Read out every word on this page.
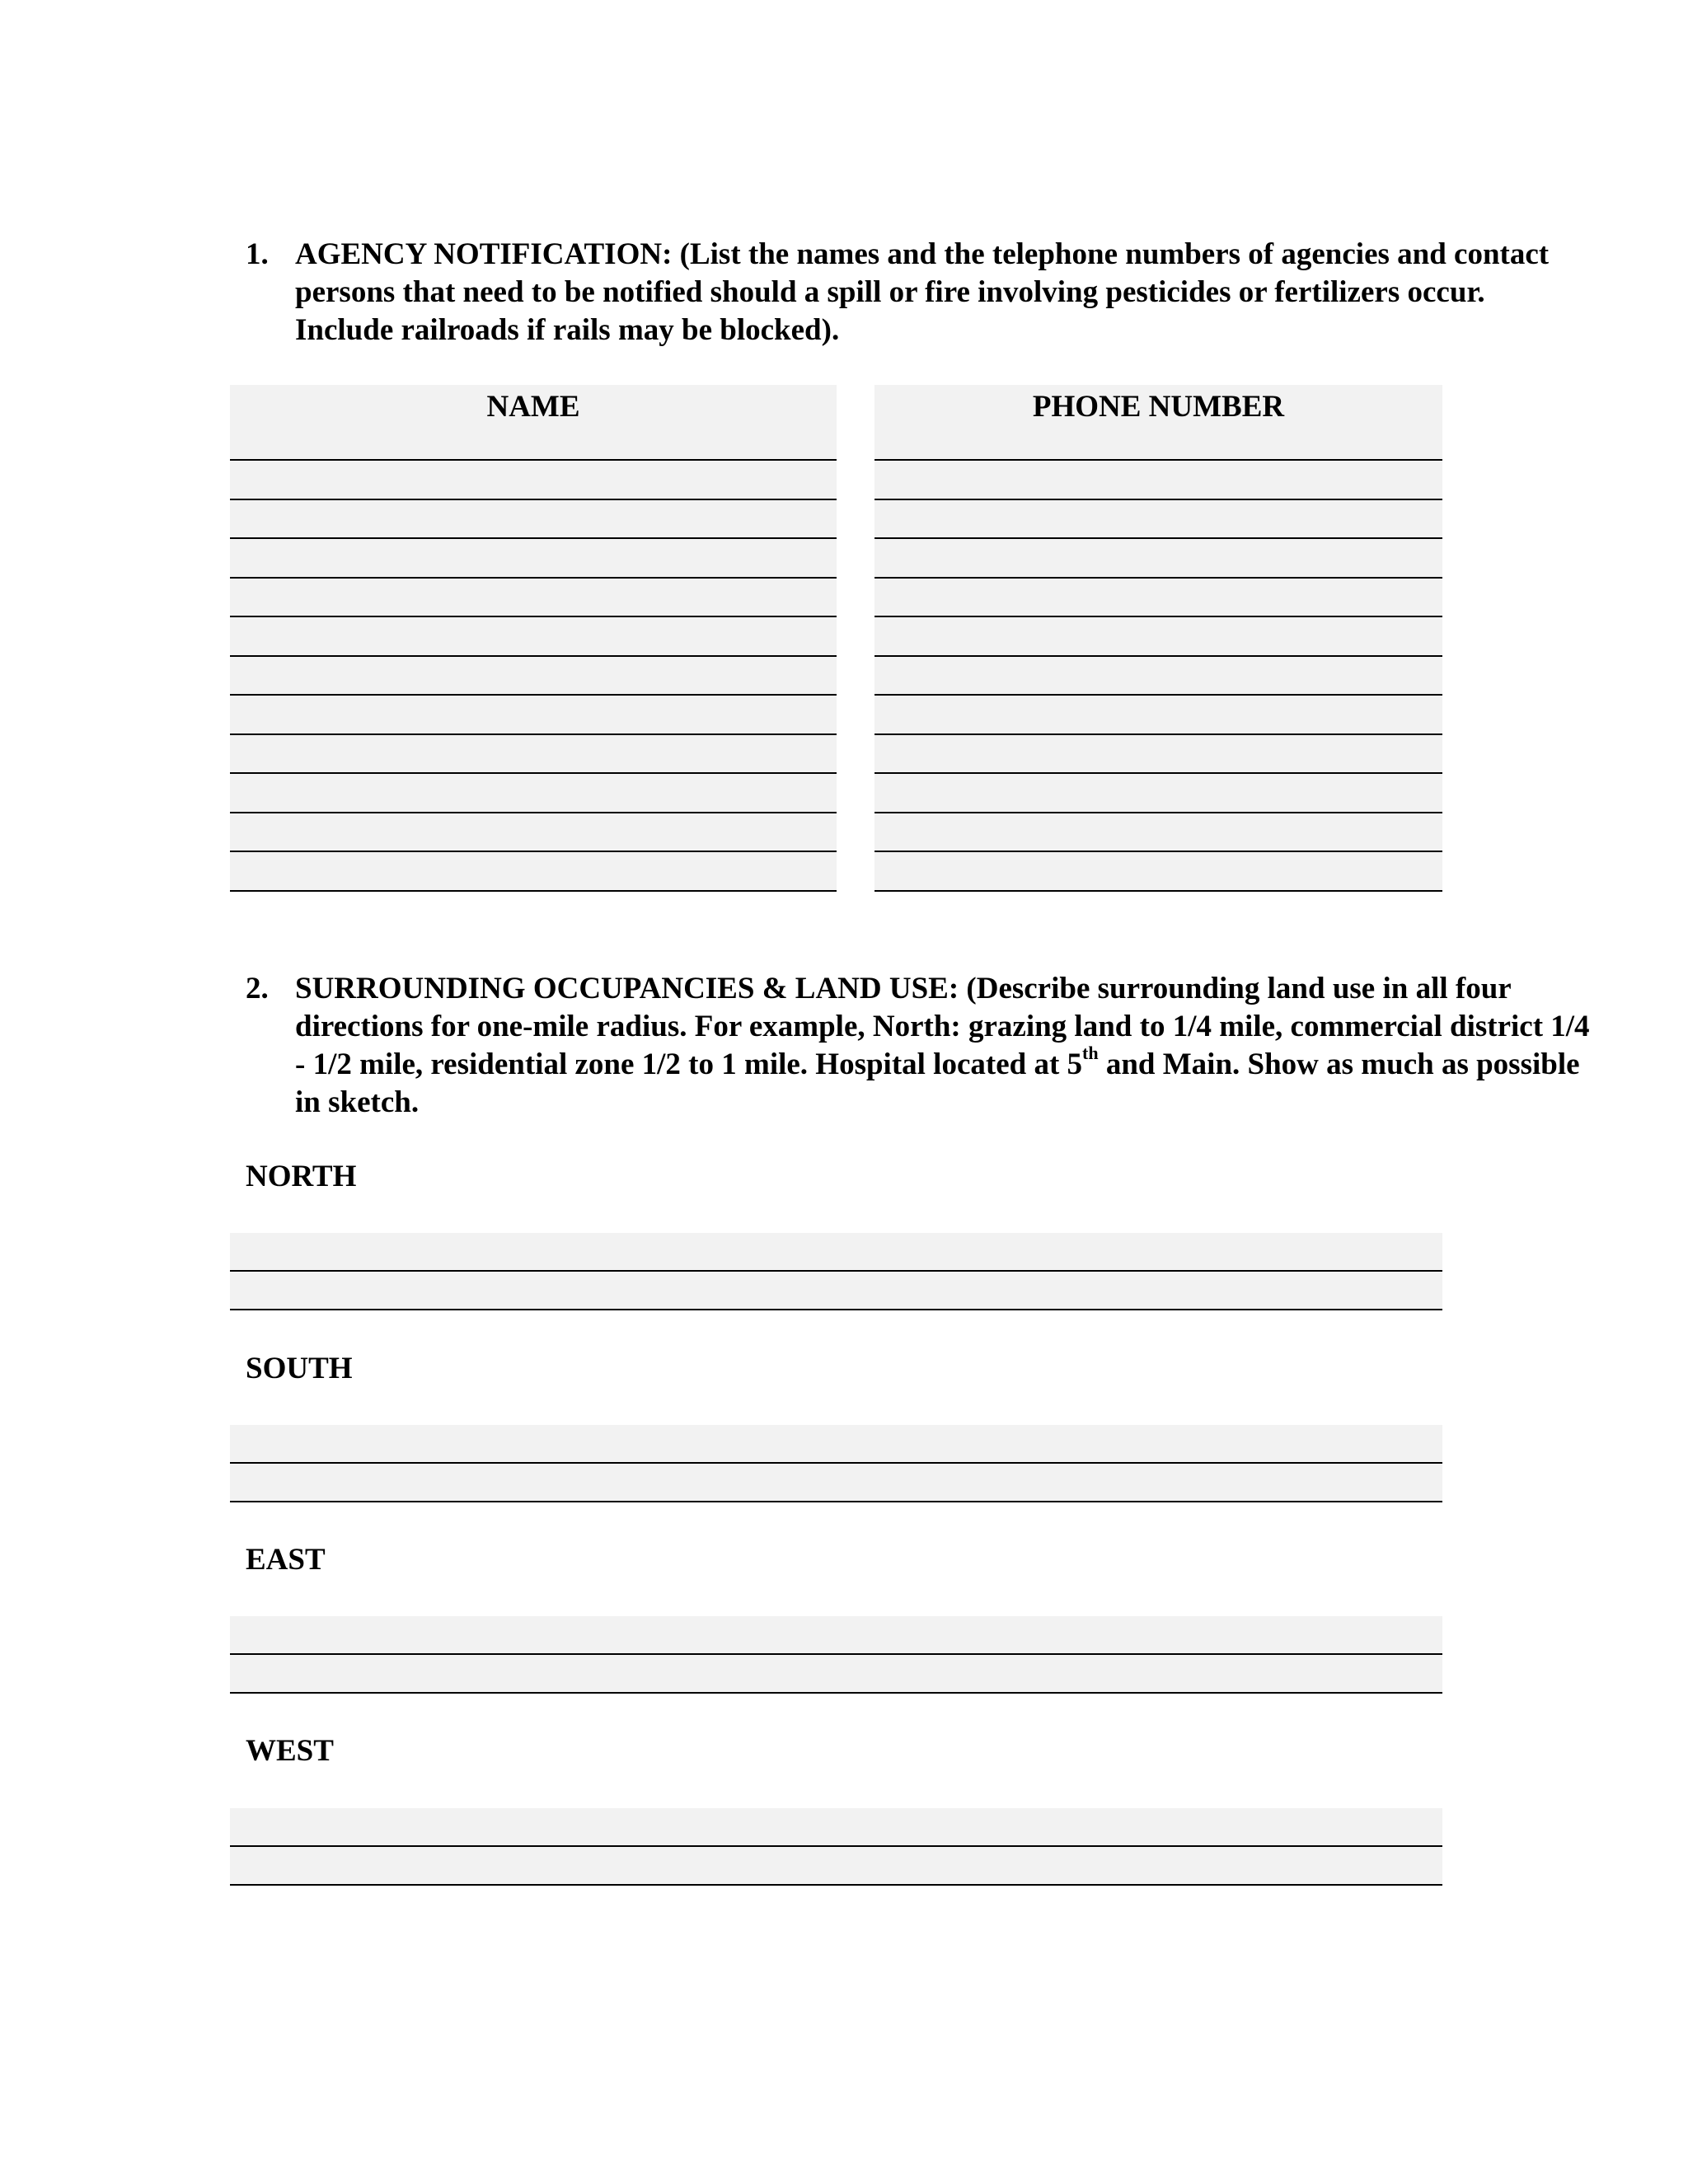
1. AGENCY NOTIFICATION: (List the names and the telephone numbers of agencies and contact persons that need to be notified should a spill or fire involving pesticides or fertilizers occur. Include railroads if rails may be blocked).
NAME	PHONE NUMBER
2. SURROUNDING OCCUPANCIES & LAND USE: (Describe surrounding land use in all four directions for one-mile radius. For example, North: grazing land to 1/4 mile, commercial district 1/4 - 1/2 mile, residential zone 1/2 to 1 mile. Hospital located at 5th and Main. Show as much as possible in sketch.
NORTH
SOUTH
EAST
WEST
